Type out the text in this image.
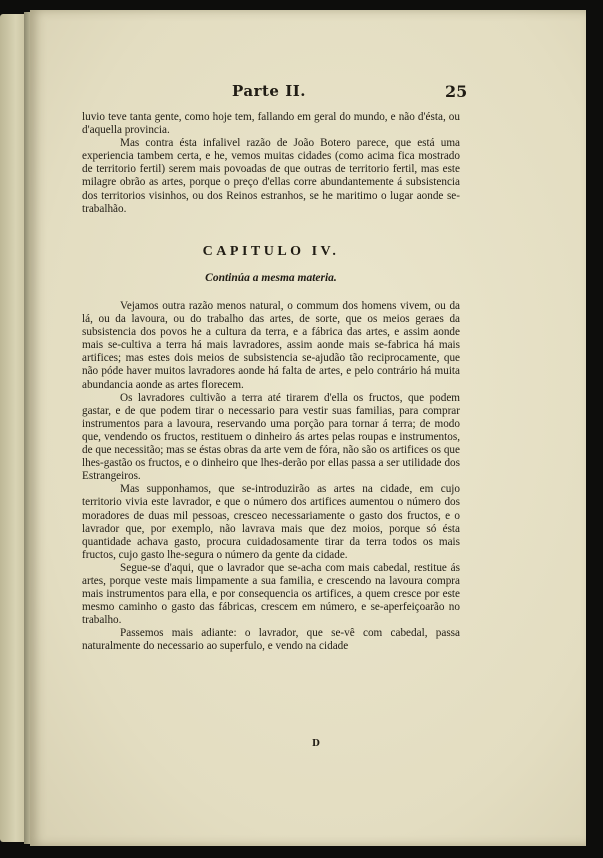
Parte II.	25

luvio teve tanta gente, como hoje tem, fallando em geral do mundo, e não d'ésta, ou d'aquella provincia.

Mas contra ésta infalivel razão de João Botero parece, que está uma experiencia tambem certa, e he, vemos muitas cidades (como acima fica mostrado de territorio fertil) serem mais povoadas de que outras de territorio fertil, mas este milagre obrão as artes, porque o preço d'ellas corre abundantemente á subsistencia dos territorios visinhos, ou dos Reinos estranhos, se he maritimo o lugar aonde se-trabalhão.

CAPITULO IV.
Continúa a mesma materia.

Vejamos outra razão menos natural, o commum dos homens vivem, ou da lá, ou da lavoura, ou do trabalho das artes, de sorte, que os meios geraes da subsistencia dos povos he a cultura da terra, e a fábrica das artes, e assim aonde mais se-cultiva a terra há mais lavradores, assim aonde mais se-fabrica há mais artifices; mas estes dois meios de subsistencia se-ajudão tão reciprocamente, que não póde haver muitos lavradores aonde há falta de artes, e pelo contrário há muita abundancia aonde as artes florecem.

Os lavradores cultivão a terra até tirarem d'ella os fructos, que podem gastar, e de que podem tirar o necessario para vestir suas familias, para comprar instrumentos para a lavoura, reservando uma porção para tornar á terra; de modo que, vendendo os fructos, restituem o dinheiro ás artes pelas roupas e instrumentos, de que necessitão; mas se éstas obras da arte vem de fóra, não são os artifices os que lhes-gastão os fructos, e o dinheiro que lhes-derão por ellas passa a ser utilidade dos Estrangeiros.

Mas supponhamos, que se-introduzirão as artes na cidade, em cujo territorio vivia este lavrador, e que o número dos artifices aumentou o número dos moradores de duas mil pessoas, cresceo necessariamente o gasto dos fructos, e o lavrador que, por exemplo, não lavrava mais que dez moios, porque só ésta quantidade achava gasto, procura cuidadosamente tirar da terra todos os mais fructos, cujo gasto lhe-segura o número da gente da cidade.

Segue-se d'aqui, que o lavrador que se-acha com mais cabedal, restitue ás artes, porque veste mais limpamente a sua familia, e crescendo na lavoura compra mais instrumentos para ella, e por consequencia os artifices, a quem cresce por este mesmo caminho o gasto das fábricas, crescem em número, e se-aperfeiçoarão no trabalho.

Passemos mais adiante: o lavrador, que se-vê com cabedal, passa naturalmente do necessario ao superfulo, e vendo na cidade

D
